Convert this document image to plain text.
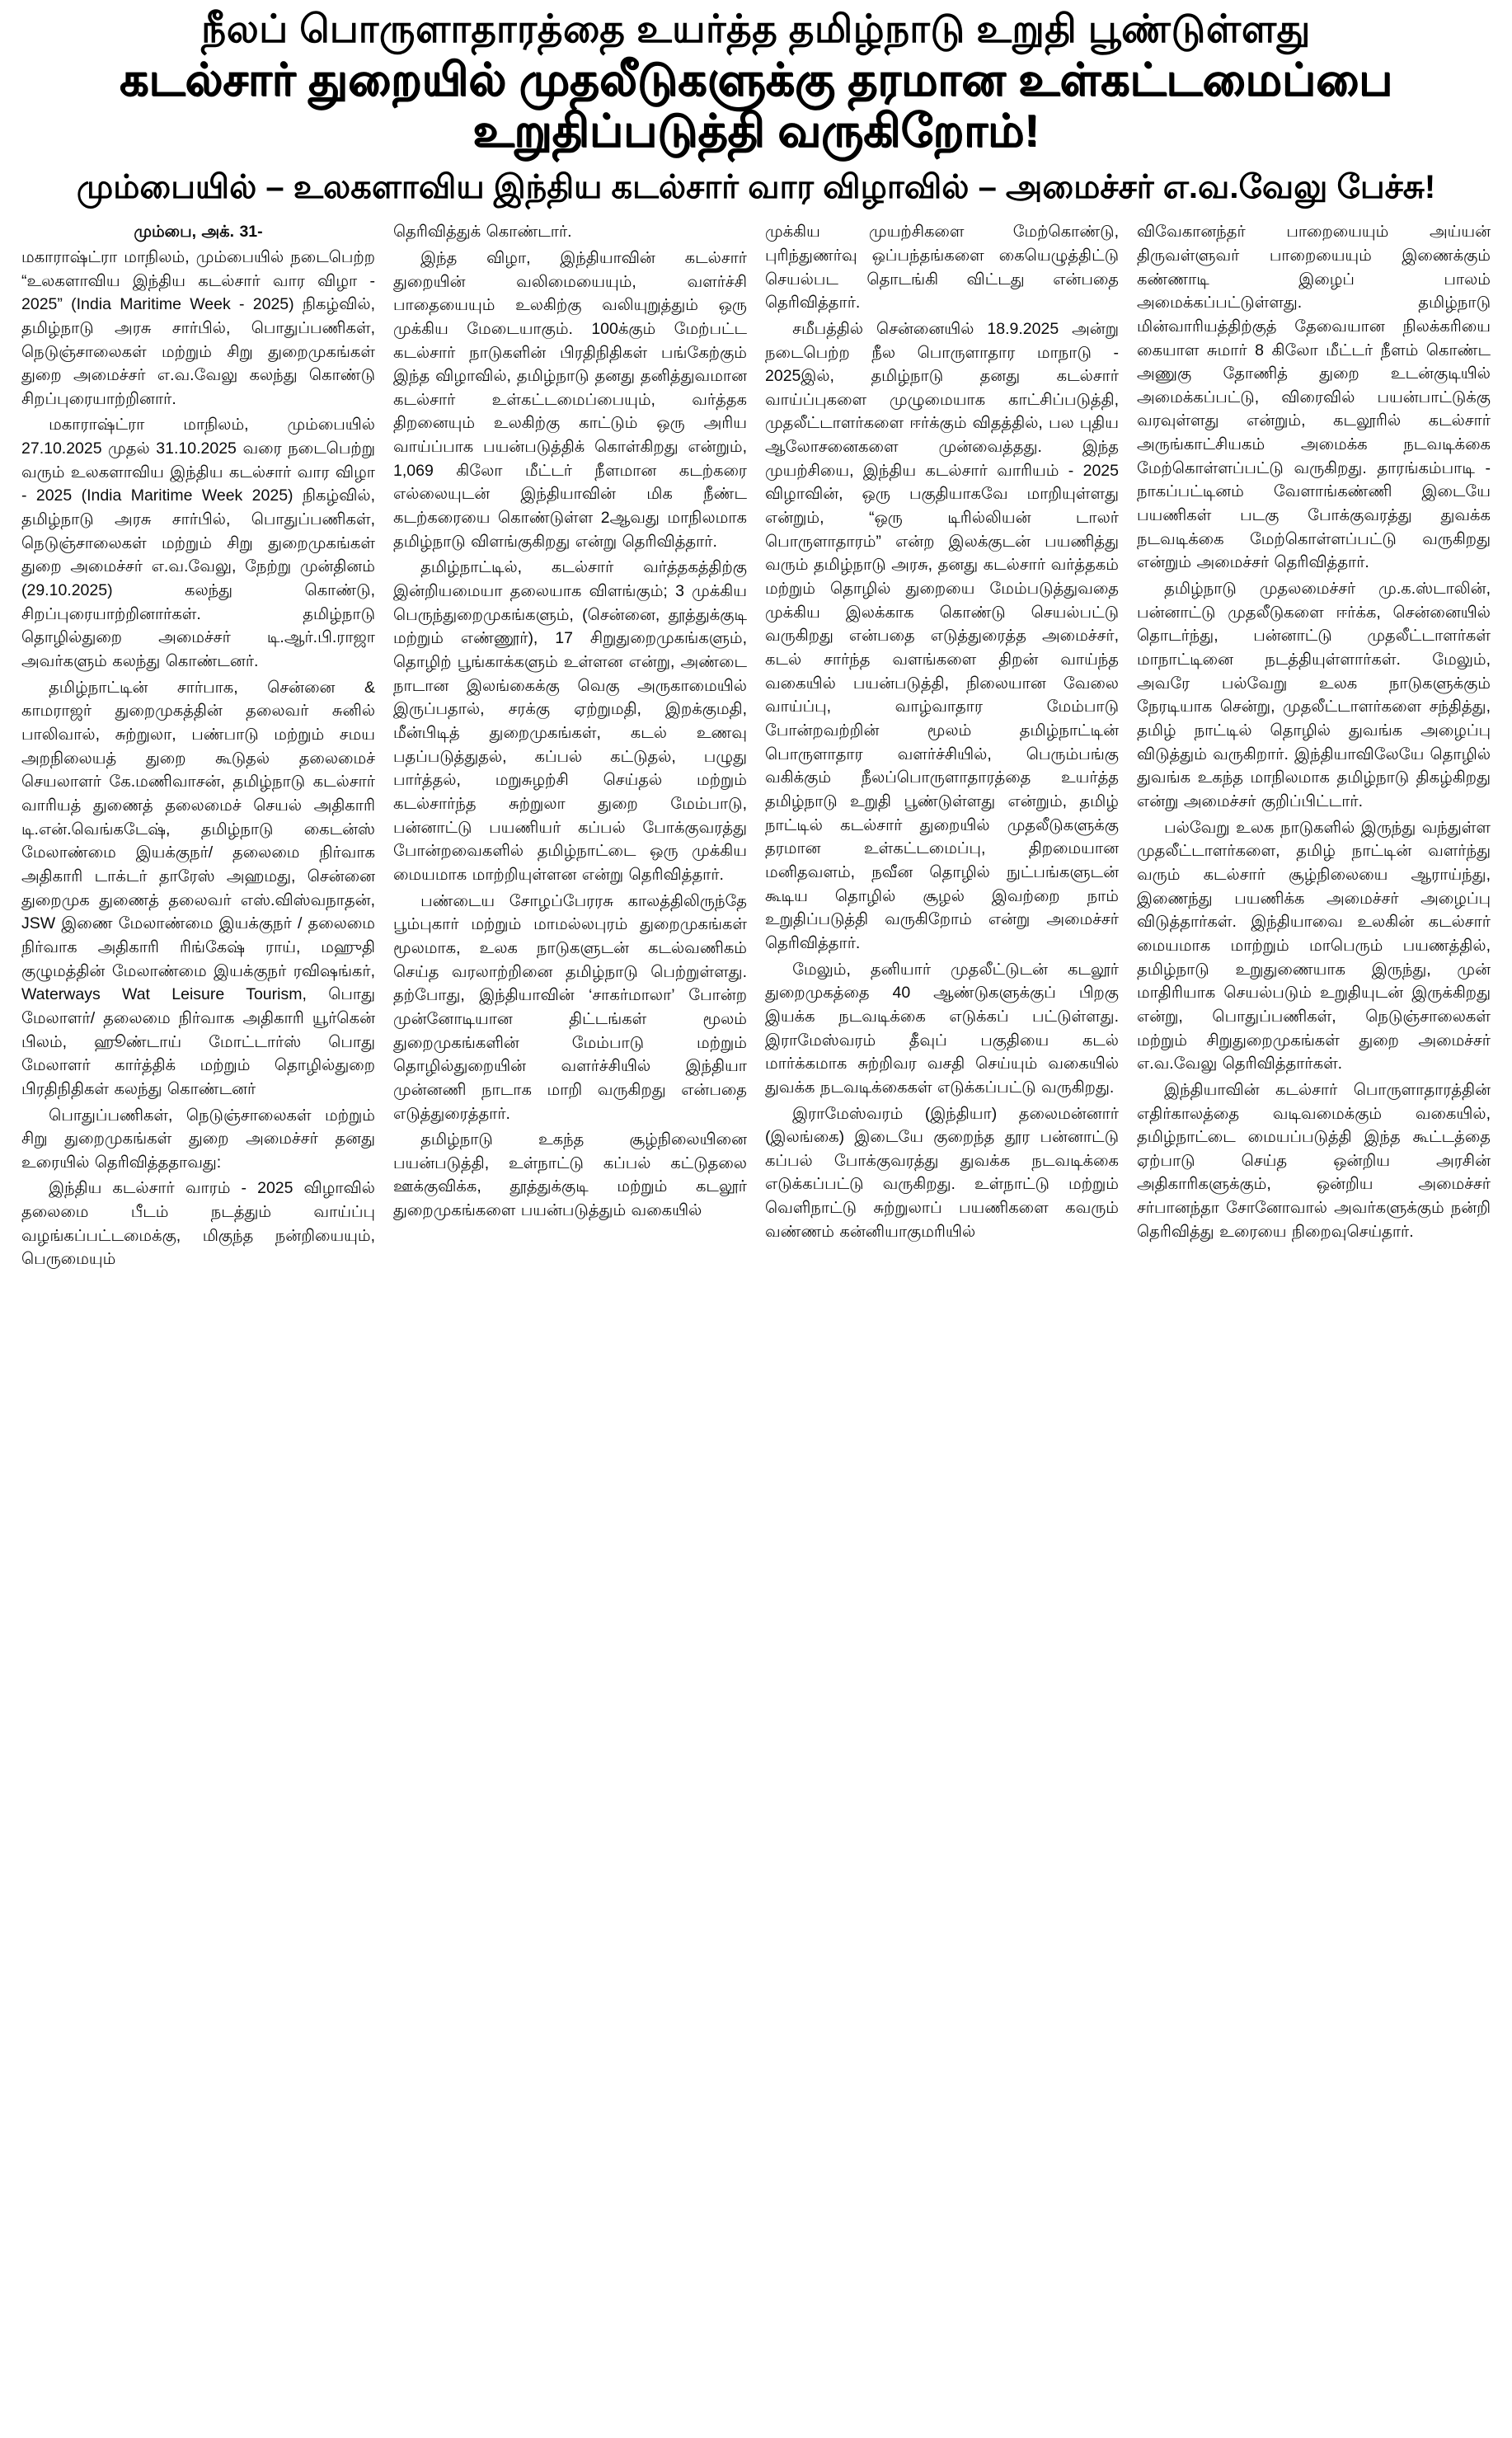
நீலப் பொருளாதாரத்தை உயர்த்த தமிழ்நாடு உறுதி பூண்டுள்ளது
கடல்சார் துறையில் முதலீடுகளுக்கு தரமான உள்கட்டமைப்பை உறுதிப்படுத்தி வருகிறோம்!
மும்பையில் – உலகளாவிய இந்திய கடல்சார் வார விழாவில் – அமைச்சர் எ.வ.வேலு பேச்சு!

மும்பை, அக். 31-

மகாராஷ்ட்ரா மாநிலம், மும்பையில் நடைபெற்ற “உலகளாவிய இந்திய கடல்சார் வார விழா - 2025” (India Maritime Week - 2025) நிகழ்வில், தமிழ்நாடு அரசு சார்பில், பொதுப்பணிகள், நெடுஞ்சாலைகள் மற்றும் சிறு துறைமுகங்கள் துறை அமைச்சர் எ.வ.வேலு கலந்து கொண்டு சிறப்புரையாற்றினார்.

மகாராஷ்ட்ரா மாநிலம், மும்பையில் 27.10.2025 முதல் 31.10.2025 வரை நடைபெற்று வரும் உலகளாவிய இந்திய கடல்சார் வார விழா - 2025 (India Maritime Week 2025) நிகழ்வில், தமிழ்நாடு அரசு சார்பில், பொதுப்பணிகள், நெடுஞ்சாலைகள் மற்றும் சிறு துறைமுகங்கள் துறை அமைச்சர் எ.வ.வேலு, நேற்று முன்தினம் (29.10.2025) கலந்து கொண்டு, சிறப்புரையாற்றினார்கள். தமிழ்நாடு தொழில்துறை அமைச்சர் டி.ஆர்.பி.ராஜா அவர்களும் கலந்து கொண்டனர்.

தமிழ்நாட்டின் சார்பாக, சென்னை & காமராஜர் துறைமுகத்தின் தலைவர் சுனில் பாலிவால், சுற்றுலா, பண்பாடு மற்றும் சமய அறநிலையத் துறை கூடுதல் தலைமைச் செயலாளர் கே.மணிவாசன், தமிழ்நாடு கடல்சார் வாரியத் துணைத் தலைமைச் செயல் அதிகாரி டி.என்.வெங்கடேஷ், தமிழ்நாடு கைடன்ஸ் மேலாண்மை இயக்குநர்/ தலைமை நிர்வாக அதிகாரி டாக்டர் தாரேஸ் அஹமது, சென்னை துறைமுக துணைத் தலைவர் எஸ்.விஸ்வநாதன், JSW இணை மேலாண்மை இயக்குநர் / தலைமை நிர்வாக அதிகாரி ரிங்கேஷ் ராய், மஹுதி குழுமத்தின் மேலாண்மை இயக்குநர் ரவிஷங்கர், Waterways Wat Leisure Tourism, பொது மேலாளர்/ தலைமை நிர்வாக அதிகாரி யூர்கென் பிலம், ஹூண்டாய் மோட்டார்ஸ் பொது மேலாளர் கார்த்திக் மற்றும் தொழில்துறை பிரதிநிதிகள் கலந்து கொண்டனர்

பொதுப்பணிகள், நெடுஞ்சாலைகள் மற்றும் சிறு துறைமுகங்கள் துறை அமைச்சர் தனது உரையில் தெரிவித்ததாவது:

இந்திய கடல்சார் வாரம் - 2025 விழாவில் தலைமை பீடம் நடத்தும் வாய்ப்பு வழங்கப்பட்டமைக்கு, மிகுந்த நன்றியையும், பெருமையும்

தெரிவித்துக் கொண்டார்.

இந்த விழா, இந்தியாவின் கடல்சார் துறையின் வலிமையையும், வளர்ச்சி பாதையையும் உலகிற்கு வலியுறுத்தும் ஒரு முக்கிய மேடையாகும். 100க்கும் மேற்பட்ட கடல்சார் நாடுகளின் பிரதிநிதிகள் பங்கேற்கும் இந்த விழாவில், தமிழ்நாடு தனது தனித்துவமான கடல்சார் உள்கட்டமைப்பையும், வர்த்தக திறனையும் உலகிற்கு காட்டும் ஒரு அரிய வாய்ப்பாக பயன்படுத்திக் கொள்கிறது என்றும், 1,069 கிலோ மீட்டர் நீளமான கடற்கரை எல்லையுடன் இந்தியாவின் மிக நீண்ட கடற்கரையை கொண்டுள்ள 2ஆவது மாநிலமாக தமிழ்நாடு விளங்குகிறது என்று தெரிவித்தார்.

தமிழ்நாட்டில், கடல்சார் வர்த்தகத்திற்கு இன்றியமையா தலையாக விளங்கும்; 3 முக்கிய பெருந்துறைமுகங்களும், (சென்னை, தூத்துக்குடி மற்றும் எண்ணூர்), 17 சிறுதுறைமுகங்களும், தொழிற் பூங்காக்களும் உள்ளன என்று, அண்டை நாடான இலங்கைக்கு வெகு அருகாமையில் இருப்பதால், சரக்கு ஏற்றுமதி, இறக்குமதி, மீன்பிடித் துறைமுகங்கள், கடல் உணவு பதப்படுத்துதல், கப்பல் கட்டுதல், பழுது பார்த்தல், மறுசுழற்சி செய்தல் மற்றும் கடல்சார்ந்த சுற்றுலா துறை மேம்பாடு, பன்னாட்டு பயணியர் கப்பல் போக்குவரத்து போன்றவைகளில் தமிழ்நாட்டை ஒரு முக்கிய மையமாக மாற்றியுள்ளன என்று தெரிவித்தார்.

பண்டைய சோழப்பேரரசு காலத்திலிருந்தே பூம்புகார் மற்றும் மாமல்லபுரம் துறைமுகங்கள் மூலமாக, உலக நாடுகளுடன் கடல்வணிகம் செய்த வரலாற்றினை தமிழ்நாடு பெற்றுள்ளது. தற்போது, இந்தியாவின் ‘சாகர்மாலா’ போன்ற முன்னோடியான திட்டங்கள் மூலம் துறைமுகங்களின் மேம்பாடு மற்றும் தொழில்துறையின் வளர்ச்சியில் இந்தியா முன்னணி நாடாக மாறி வருகிறது என்பதை எடுத்துரைத்தார்.

தமிழ்நாடு உகந்த சூழ்நிலையினை பயன்படுத்தி, உள்நாட்டு கப்பல் கட்டுதலை ஊக்குவிக்க, தூத்துக்குடி மற்றும் கடலூர் துறைமுகங்களை பயன்படுத்தும் வகையில்

முக்கிய முயற்சிகளை மேற்கொண்டு, புரிந்துணர்வு ஒப்பந்தங்களை கையெழுத்திட்டு செயல்பட தொடங்கி விட்டது என்பதை தெரிவித்தார்.

சமீபத்தில் சென்னையில் 18.9.2025 அன்று நடைபெற்ற நீல பொருளாதார மாநாடு - 2025இல், தமிழ்நாடு தனது கடல்சார் வாய்ப்புகளை முழுமையாக காட்சிப்படுத்தி, முதலீட்டாளர்களை ஈர்க்கும் விதத்தில், பல புதிய ஆலோசனைகளை முன்வைத்தது. இந்த முயற்சியை, இந்திய கடல்சார் வாரியம் - 2025 விழாவின், ஒரு பகுதியாகவே மாறியுள்ளது என்றும், “ஒரு டிரில்லியன் டாலர் பொருளாதாரம்” என்ற இலக்குடன் பயணித்து வரும் தமிழ்நாடு அரசு, தனது கடல்சார் வர்த்தகம் மற்றும் தொழில் துறையை மேம்படுத்துவதை முக்கிய இலக்காக கொண்டு செயல்பட்டு வருகிறது என்பதை எடுத்துரைத்த அமைச்சர், கடல் சார்ந்த வளங்களை திறன் வாய்ந்த வகையில் பயன்படுத்தி, நிலையான வேலை வாய்ப்பு, வாழ்வாதார மேம்பாடு போன்றவற்றின் மூலம் தமிழ்நாட்டின் பொருளாதார வளர்ச்சியில், பெரும்பங்கு வகிக்கும் நீலப்பொருளாதாரத்தை உயர்த்த தமிழ்நாடு உறுதி பூண்டுள்ளது என்றும், தமிழ் நாட்டில் கடல்சார் துறையில் முதலீடுகளுக்கு தரமான உள்கட்டமைப்பு, திறமையான மனிதவளம், நவீன தொழில் நுட்பங்களுடன் கூடிய தொழில் சூழல் இவற்றை நாம் உறுதிப்படுத்தி வருகிறோம் என்று அமைச்சர் தெரிவித்தார்.

மேலும், தனியார் முதலீட்டுடன் கடலூர் துறைமுகத்தை 40 ஆண்டுகளுக்குப் பிறகு இயக்க நடவடிக்கை எடுக்கப் பட்டுள்ளது. இராமேஸ்வரம் தீவுப் பகுதியை கடல் மார்க்கமாக சுற்றிவர வசதி செய்யும் வகையில் துவக்க நடவடிக்கைகள் எடுக்கப்பட்டு வருகிறது.

இராமேஸ்வரம் (இந்தியா) தலைமன்னார் (இலங்கை) இடையே குறைந்த தூர பன்னாட்டு கப்பல் போக்குவரத்து துவக்க நடவடிக்கை எடுக்கப்பட்டு வருகிறது. உள்நாட்டு மற்றும் வெளிநாட்டு சுற்றுலாப் பயணிகளை கவரும் வண்ணம் கன்னியாகுமரியில்

விவேகானந்தர் பாறையையும் அய்யன் திருவள்ளுவர் பாறையையும் இணைக்கும் கண்ணாடி இழைப் பாலம் அமைக்கப்பட்டுள்ளது. தமிழ்நாடு மின்வாரியத்திற்குத் தேவையான நிலக்கரியை கையாள சுமார் 8 கிலோ மீட்டர் நீளம் கொண்ட அணுகு தோணித் துறை உடன்குடியில் அமைக்கப்பட்டு, விரைவில் பயன்பாட்டுக்கு வரவுள்ளது என்றும், கடலூரில் கடல்சார் அருங்காட்சியகம் அமைக்க நடவடிக்கை மேற்கொள்ளப்பட்டு வருகிறது. தாரங்கம்பாடி - நாகப்பட்டினம் வேளாங்கண்ணி இடையே பயணிகள் படகு போக்குவரத்து துவக்க நடவடிக்கை மேற்கொள்ளப்பட்டு வருகிறது என்றும் அமைச்சர் தெரிவித்தார்.

தமிழ்நாடு முதலமைச்சர் மு.க.ஸ்டாலின், பன்னாட்டு முதலீடுகளை ஈர்க்க, சென்னையில் தொடர்ந்து, பன்னாட்டு முதலீட்டாளர்கள் மாநாட்டினை நடத்தியுள்ளார்கள். மேலும், அவரே பல்வேறு உலக நாடுகளுக்கும் நேரடியாக சென்று, முதலீட்டாளர்களை சந்தித்து, தமிழ் நாட்டில் தொழில் துவங்க அழைப்பு விடுத்தும் வருகிறார். இந்தியாவிலேயே தொழில் துவங்க உகந்த மாநிலமாக தமிழ்நாடு திகழ்கிறது என்று அமைச்சர் குறிப்பிட்டார்.

பல்வேறு உலக நாடுகளில் இருந்து வந்துள்ள முதலீட்டாளர்களை, தமிழ் நாட்டின் வளர்ந்து வரும் கடல்சார் சூழ்நிலையை ஆராய்ந்து, இணைந்து பயணிக்க அமைச்சர் அழைப்பு விடுத்தார்கள். இந்தியாவை உலகின் கடல்சார் மையமாக மாற்றும் மாபெரும் பயணத்தில், தமிழ்நாடு உறுதுணையாக இருந்து, முன் மாதிரியாக செயல்படும் உறுதியுடன் இருக்கிறது என்று, பொதுப்பணிகள், நெடுஞ்சாலைகள் மற்றும் சிறுதுறைமுகங்கள் துறை அமைச்சர் எ.வ.வேலு தெரிவித்தார்கள்.

இந்தியாவின் கடல்சார் பொருளாதாரத்தின் எதிர்காலத்தை வடிவமைக்கும் வகையில், தமிழ்நாட்டை மையப்படுத்தி இந்த கூட்டத்தை ஏற்பாடு செய்த ஒன்றிய அரசின் அதிகாரிகளுக்கும், ஒன்றிய அமைச்சர் சர்பானந்தா சோனோவால் அவர்களுக்கும் நன்றி தெரிவித்து உரையை நிறைவுசெய்தார்.
